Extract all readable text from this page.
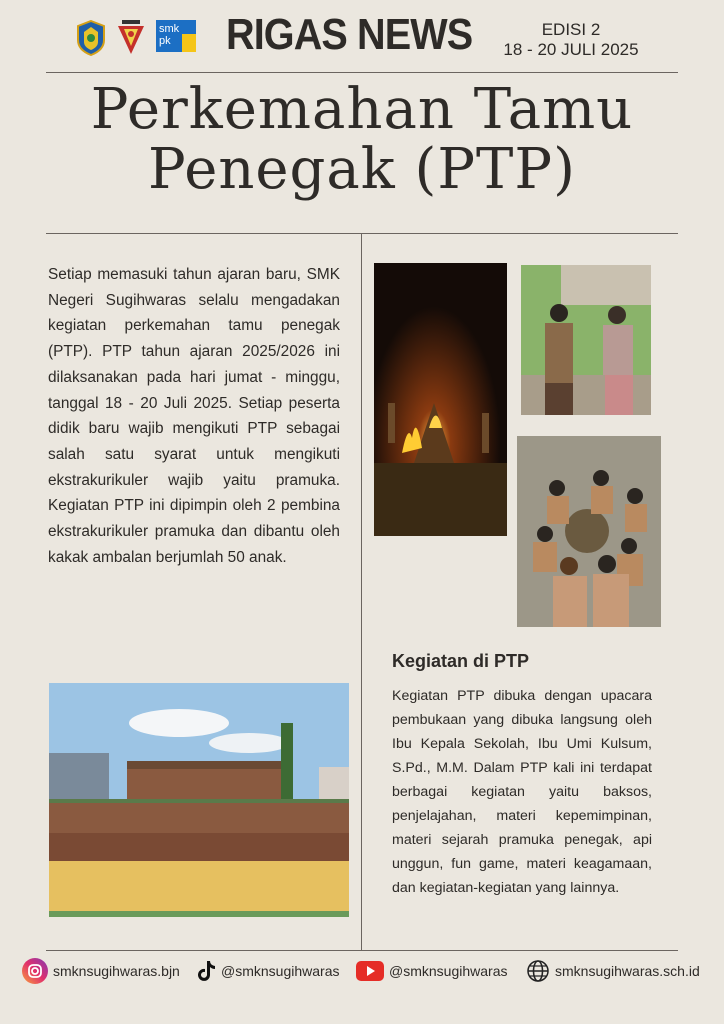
smk pk RIGAS NEWS	EDISI 2
18 - 20 JULI 2025
Perkemahan Tamu
Penegak (PTP)
Setiap memasuki tahun ajaran baru, SMK Negeri Sugihwaras selalu mengadakan kegiatan perkemahan tamu penegak (PTP). PTP tahun ajaran 2025/2026 ini dilaksanakan pada hari jumat - minggu, tanggal 18 - 20 Juli 2025. Setiap peserta didik baru wajib mengikuti PTP sebagai salah satu syarat untuk mengikuti ekstrakurikuler wajib yaitu pramuka. Kegiatan PTP ini dipimpin oleh 2 pembina ekstrakurikuler pramuka dan dibantu oleh kakak ambalan berjumlah 50 anak.
Kegiatan di PTP
Kegiatan PTP dibuka dengan upacara pembukaan yang dibuka langsung oleh Ibu Kepala Sekolah, Ibu Umi Kulsum, S.Pd., M.M. Dalam PTP kali ini terdapat berbagai kegiatan yaitu baksos, penjelajahan, materi kepemimpinan, materi sejarah pramuka penegak, api unggun, fun game, materi keagamaan, dan kegiatan-kegiatan yang lainnya.
smknsugihwaras.bjn	@smknsugihwaras	@smknsugihwaras	smknsugihwaras.sch.id
